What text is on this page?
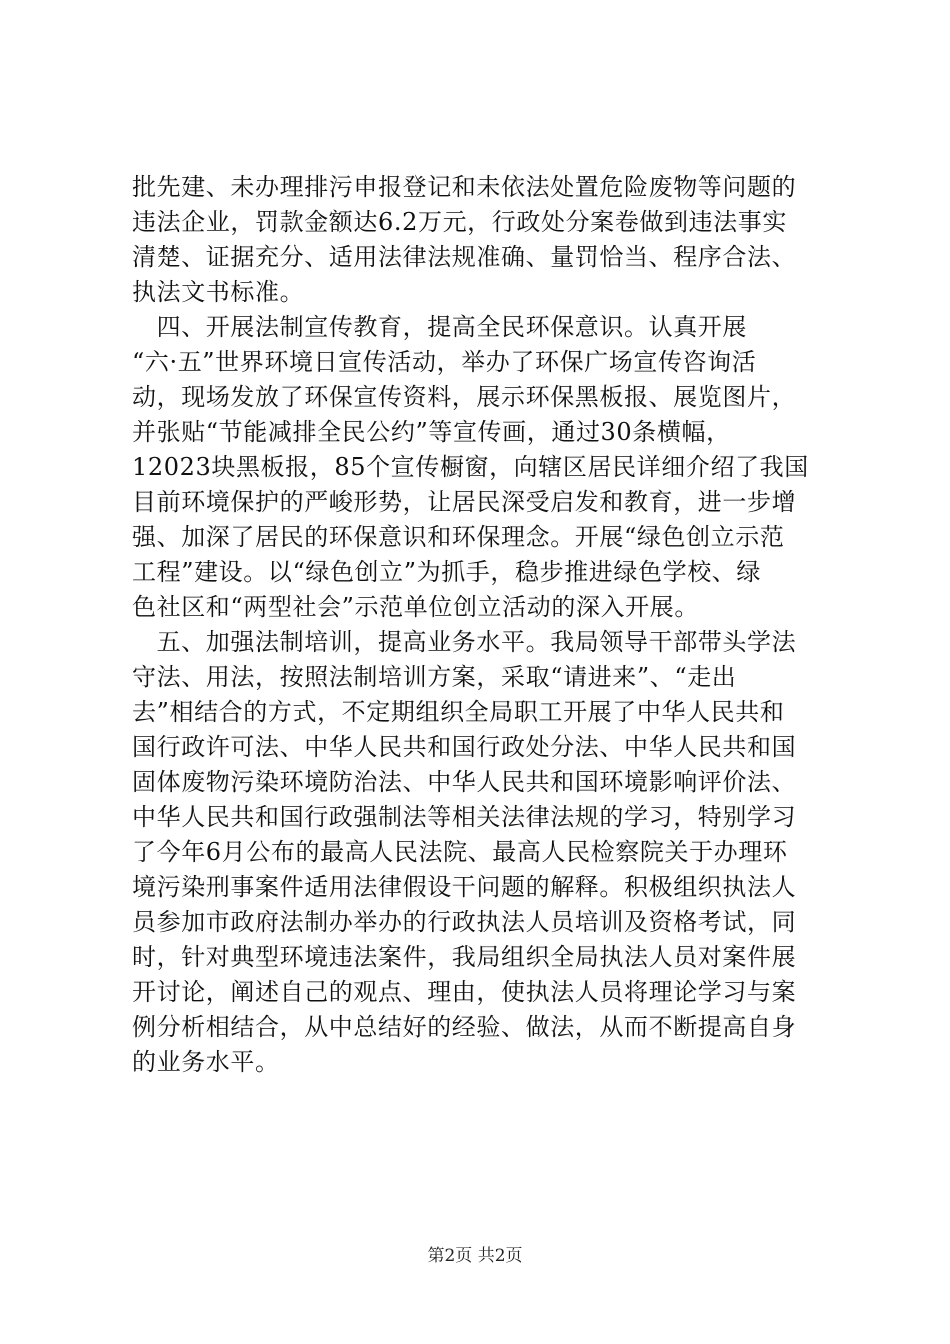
批先建、未办理排污申报登记和未依法处置危险废物等问题的
违法企业，罚款金额达6.2万元，行政处分案卷做到违法事实
清楚、证据充分、适用法律法规准确、量罚恰当、程序合法、
执法文书标准。
　四、开展法制宣传教育，提高全民环保意识。认真开展
“六·五”世界环境日宣传活动，举办了环保广场宣传咨询活
动，现场发放了环保宣传资料，展示环保黑板报、展览图片，
并张贴“节能减排全民公约”等宣传画，通过30条横幅，
12023块黑板报，85个宣传橱窗，向辖区居民详细介绍了我国
目前环境保护的严峻形势，让居民深受启发和教育，进一步增
强、加深了居民的环保意识和环保理念。开展“绿色创立示范
工程”建设。以“绿色创立”为抓手，稳步推进绿色学校、绿
色社区和“两型社会”示范单位创立活动的深入开展。
　五、加强法制培训，提高业务水平。我局领导干部带头学法
守法、用法，按照法制培训方案，采取“请进来”、“走出
去”相结合的方式，不定期组织全局职工开展了中华人民共和
国行政许可法、中华人民共和国行政处分法、中华人民共和国
固体废物污染环境防治法、中华人民共和国环境影响评价法、
中华人民共和国行政强制法等相关法律法规的学习，特别学习
了今年6月公布的最高人民法院、最高人民检察院关于办理环
境污染刑事案件适用法律假设干问题的解释。积极组织执法人
员参加市政府法制办举办的行政执法人员培训及资格考试，同
时，针对典型环境违法案件，我局组织全局执法人员对案件展
开讨论，阐述自己的观点、理由，使执法人员将理论学习与案
例分析相结合，从中总结好的经验、做法，从而不断提高自身
的业务水平。
第2页 共2页
